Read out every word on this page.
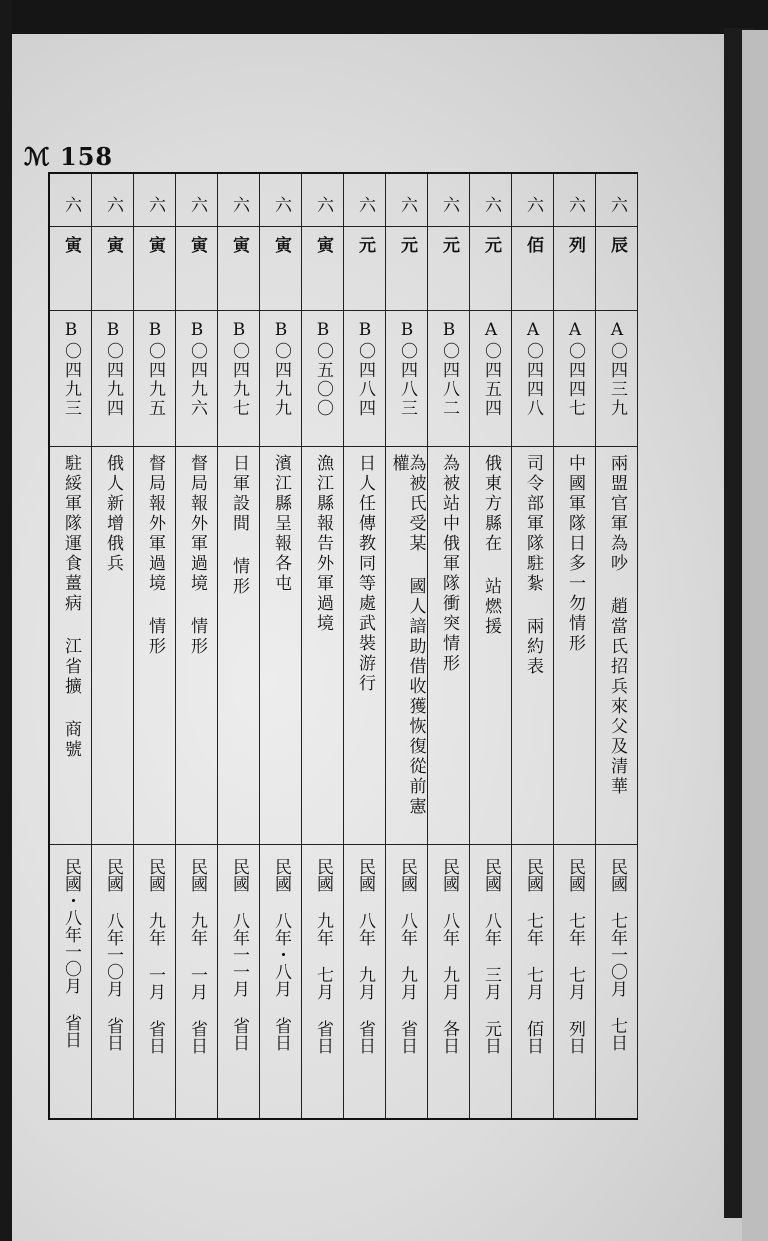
ℳ 158
六
辰
A〇四三九
兩盟官軍為吵 趙當氏招兵來父及清華
民國 七年一〇月 七日
六
列
A〇四四七
中國軍隊日多一勿情形
民國 七年 七月 列日
六
佰
A〇四四八
司令部軍隊駐紮 兩約表
民國 七年 七月 佰日
六
元
A〇四五四
俄東方縣在 站燃援
民國 八年 三月 元日
六
元
B〇四八二
為被站中俄軍隊衝突情形
民國 八年 九月 各日
六
元
B〇四八三
為被氏受某 國人諳助借收獲恢復從前憲權
民國 八年 九月 省日
六
元
B〇四八四
日人任傳教同等處武裝游行
民國 八年 九月 省日
六
寅
B〇五〇〇
漁江縣報告外軍過境
民國 九年 七月 省日
六
寅
B〇四九九
濱江縣呈報各屯
民國 八年・八月 省日
六
寅
B〇四九七
日軍設間 情形
民國 八年一一月 省日
六
寅
B〇四九六
督局報外軍過境 情形
民國 九年 一月 省日
六
寅
B〇四九五
督局報外軍過境 情形
民國 九年 一月 省日
六
寅
B〇四九四
俄人新增俄兵
民國 八年一〇月 省日
六
寅
B〇四九三
駐綏軍隊運食薑病 江省擴 商號
民國・八年一〇月 省日
